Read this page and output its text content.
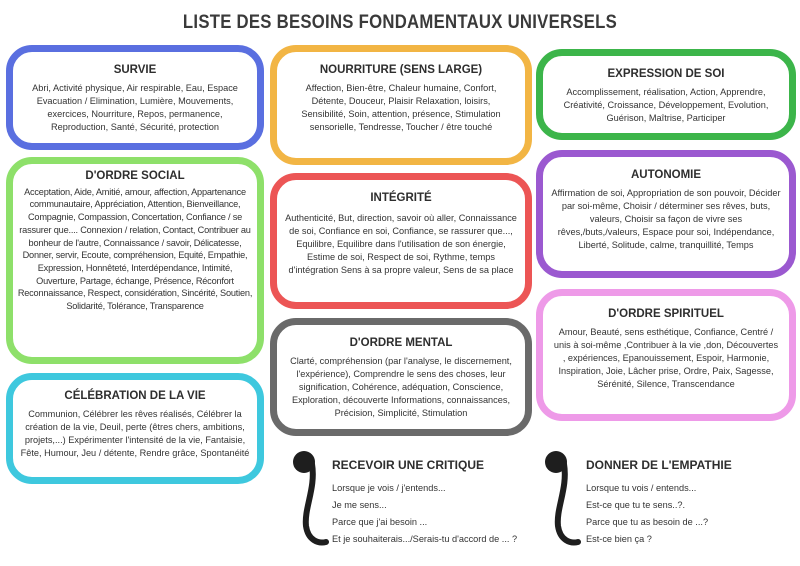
LISTE DES BESOINS FONDAMENTAUX UNIVERSELS
SURVIE

Abri, Activité physique, Air respirable, Eau, Espace Evacuation / Elimination, Lumière, Mouvements, exercices, Nourriture, Repos, permanence, Reproduction, Santé, Sécurité, protection

D'ORDRE SOCIAL

Acceptation, Aide, Amitié, amour, affection, Appartenance communautaire, Appréciation, Attention, Bienveillance, Compagnie, Compassion, Concertation, Confiance / se rassurer que.... Connexion / relation, Contact, Contribuer au bonheur de l'autre, Connaissance / savoir, Délicatesse, Donner, servir, Ecoute, compréhension, Equité, Empathie, Expression, Honnêteté, Interdépendance, Intimité, Ouverture, Partage, échange, Présence, Réconfort Reconnaissance, Respect, considération, Sincérité, Soutien, Solidarité, Tolérance, Transparence

CÉLÉBRATION DE LA VIE

Communion, Célébrer les rêves réalisés, Célébrer la création de la vie, Deuil, perte (êtres chers, ambitions, projets,...) Expérimenter l'intensité de la vie, Fantaisie, Fête, Humour, Jeu / détente, Rendre grâce, Spontanéité

NOURRITURE (SENS LARGE)

Affection, Bien-être, Chaleur humaine, Confort, Détente, Douceur, Plaisir Relaxation, loisirs, Sensibilité, Soin, attention, présence, Stimulation sensorielle, Tendresse, Toucher / être touché

INTÉGRITÉ

Authenticité, But, direction, savoir où aller, Connaissance de soi, Confiance en soi, Confiance, se rassurer que..., Equilibre, Equilibre dans l'utilisation de son énergie, Estime de soi, Respect de soi, Rythme, temps d'intégration Sens à sa propre valeur, Sens de sa place

D'ORDRE MENTAL

Clarté, compréhension (par l'analyse, le discernement, l'expérience), Comprendre le sens des choses, leur signification, Cohérence, adéquation, Conscience, Exploration, découverte Informations, connaissances, Précision, Simplicité, Stimulation

EXPRESSION DE SOI

Accomplissement, réalisation, Action, Apprendre, Créativité, Croissance, Développement, Evolution, Guérison, Maîtrise, Participer

AUTONOMIE

Affirmation de soi, Appropriation de son pouvoir, Décider par soi-même, Choisir / déterminer ses rêves, buts, valeurs, Choisir sa façon de vivre ses rêves,/buts,/valeurs, Espace pour soi, Indépendance, Liberté, Solitude, calme, tranquillité, Temps

D'ORDRE SPIRITUEL

Amour, Beauté, sens esthétique, Confiance, Centré / unis à soi-même ,Contribuer à la vie ,don, Découvertes , expériences, Epanouissement, Espoir, Harmonie, Inspiration, Joie, Lâcher prise, Ordre, Paix, Sagesse, Sérénité, Silence, Transcendance

RECEVOIR UNE CRITIQUE
Lorsque je vois / j'entends...
Je me sens...
Parce que j'ai besoin ...
Et je souhaiterais.../Serais-tu d'accord de ... ?
DONNER DE L'EMPATHIE
Lorsque tu vois / entends...
Est-ce que tu te sens..?.
Parce que tu as besoin de ...?
Est-ce bien ça ?
